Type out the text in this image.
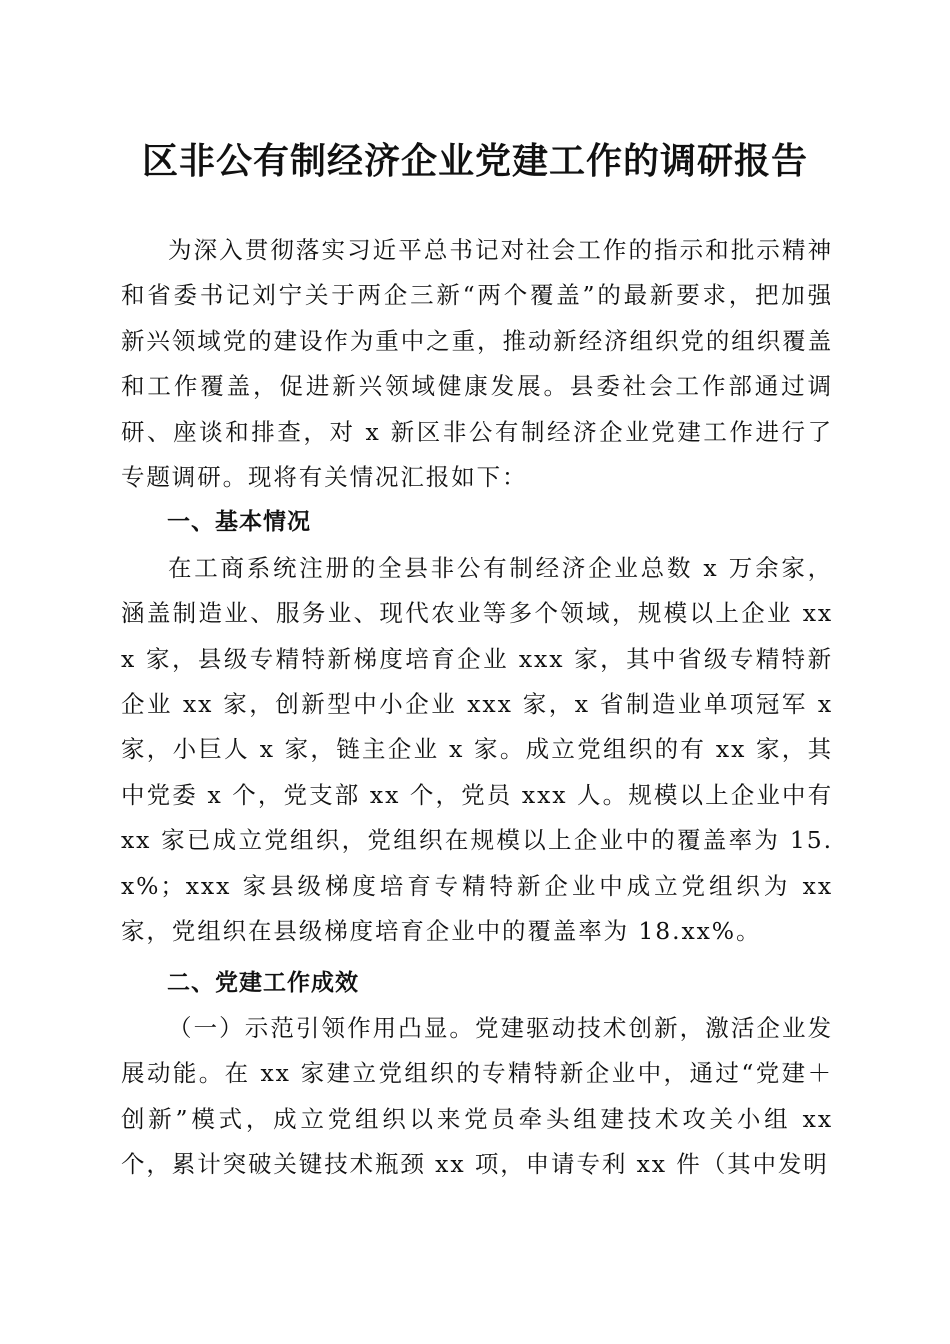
区非公有制经济企业党建工作的调研报告

为深入贯彻落实习近平总书记对社会工作的指示和批示精神和省委书记刘宁关于两企三新“两个覆盖”的最新要求，把加强新兴领域党的建设作为重中之重，推动新经济组织党的组织覆盖和工作覆盖，促进新兴领域健康发展。县委社会工作部通过调研、座谈和排查，对 x 新区非公有制经济企业党建工作进行了专题调研。现将有关情况汇报如下：

一、基本情况

在工商系统注册的全县非公有制经济企业总数 x 万余家，涵盖制造业、服务业、现代农业等多个领域，规模以上企业 xxx 家，县级专精特新梯度培育企业 xxx 家，其中省级专精特新企业 xx 家，创新型中小企业 xxx 家，x 省制造业单项冠军 x 家，小巨人 x 家，链主企业 x 家。成立党组织的有 xx 家，其中党委 x 个，党支部 xx 个，党员 xxx 人。规模以上企业中有 xx 家已成立党组织，党组织在规模以上企业中的覆盖率为 15.x%；xxx 家县级梯度培育专精特新企业中成立党组织为 xx 家，党组织在县级梯度培育企业中的覆盖率为 18.xx%。

二、党建工作成效

（一）示范引领作用凸显。党建驱动技术创新，激活企业发展动能。在 xx 家建立党组织的专精特新企业中，通过“党建＋创新”模式，成立党组织以来党员牵头组建技术攻关小组 xx 个，累计突破关键技术瓶颈 xx 项，申请专利 xx 件（其中发明
